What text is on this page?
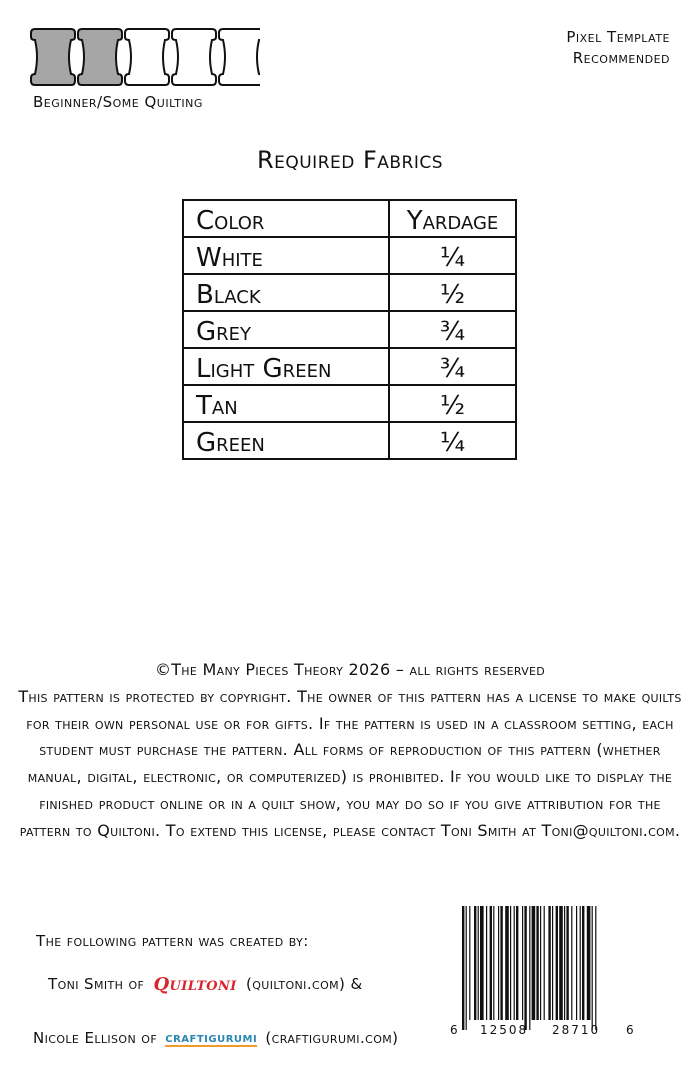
Beginner/Some Quilting
Pixel Template
Recommended
Required Fabrics
Color	Yardage
White	¼
Black	½
Grey	¾
Light Green	¾
Tan	½
Green	¼
©The Many Pieces Theory 2026 – all rights reserved
This pattern is protected by copyright. The owner of this pattern has a license to make quilts for their own personal use or for gifts. If the pattern is used in a classroom setting, each student must purchase the pattern. All forms of reproduction of this pattern (whether manual, digital, electronic, or computerized) is prohibited. If you would like to display the finished product online or in a quilt show, you may do so if you give attribution for the pattern to Quiltoni. To extend this license, please contact Toni Smith at Toni@quiltoni.com.
The following pattern was created by:
Toni Smith of Quiltoni (quiltoni.com) &
Nicole Ellison of CRAFTIGURUMI (craftigurumi.com)	6 12508 28710 6
